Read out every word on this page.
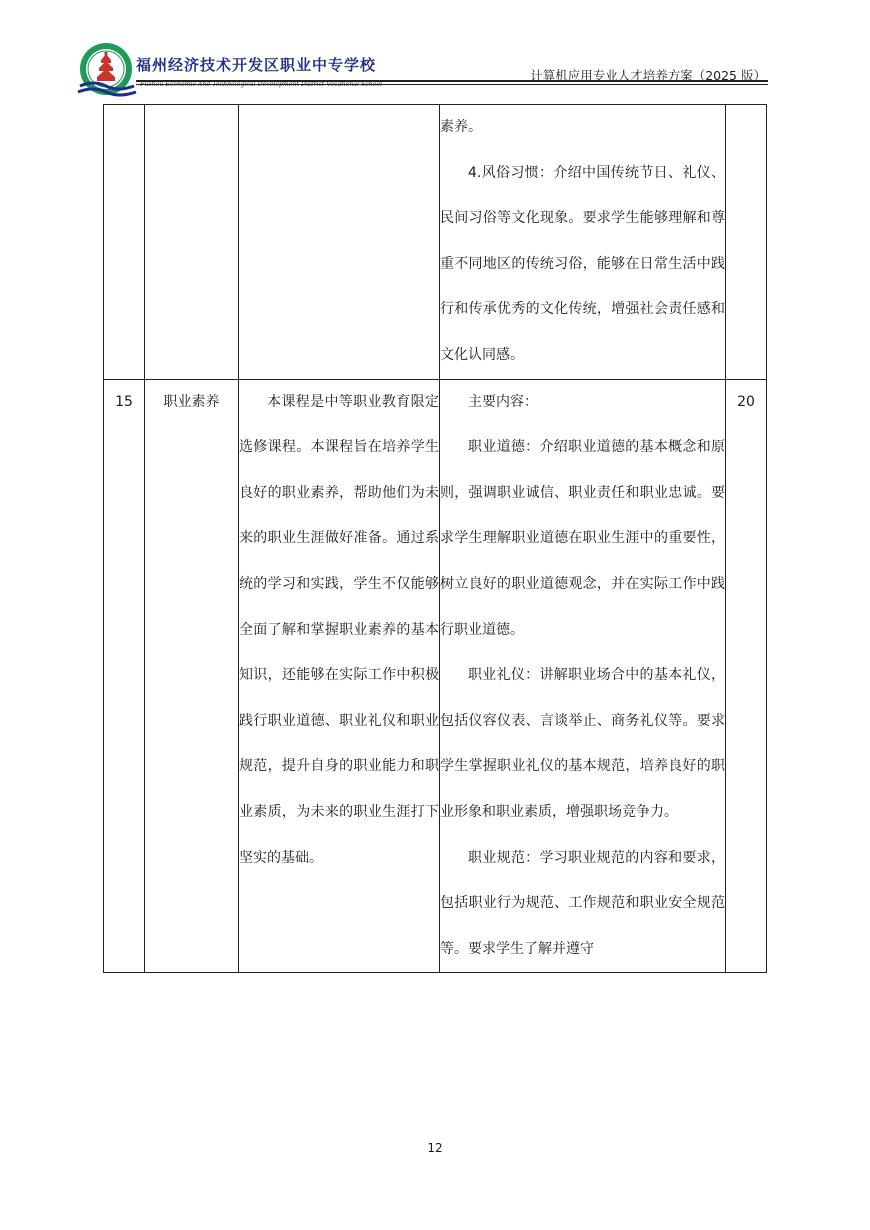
福州经济技术开发区职业中专学校
Fuzhou Economic And Technological Development District Vocational School
计算机应用专业人才培养方案（2025 版）

			素养。

4.风俗习惯：介绍中国传统节日、礼仪、民间习俗等文化现象。要求学生能够理解和尊重不同地区的传统习俗，能够在日常生活中践行和传承优秀的文化传统，增强社会责任感和文化认同感。	

15	职业素养	本课程是中等职业教育限定选修课程。本课程旨在培养学生良好的职业素养，帮助他们为未来的职业生涯做好准备。通过系统的学习和实践，学生不仅能够全面了解和掌握职业素养的基本知识，还能够在实际工作中积极践行职业道德、职业礼仪和职业规范，提升自身的职业能力和职业素质，为未来的职业生涯打下坚实的基础。	主要内容：

职业道德：介绍职业道德的基本概念和原则，强调职业诚信、职业责任和职业忠诚。要求学生理解职业道德在职业生涯中的重要性，树立良好的职业道德观念，并在实际工作中践行职业道德。

职业礼仪：讲解职业场合中的基本礼仪，包括仪容仪表、言谈举止、商务礼仪等。要求学生掌握职业礼仪的基本规范，培养良好的职业形象和职业素质，增强职场竞争力。

职业规范：学习职业规范的内容和要求，包括职业行为规范、工作规范和职业安全规范等。要求学生了解并遵守	20
12
